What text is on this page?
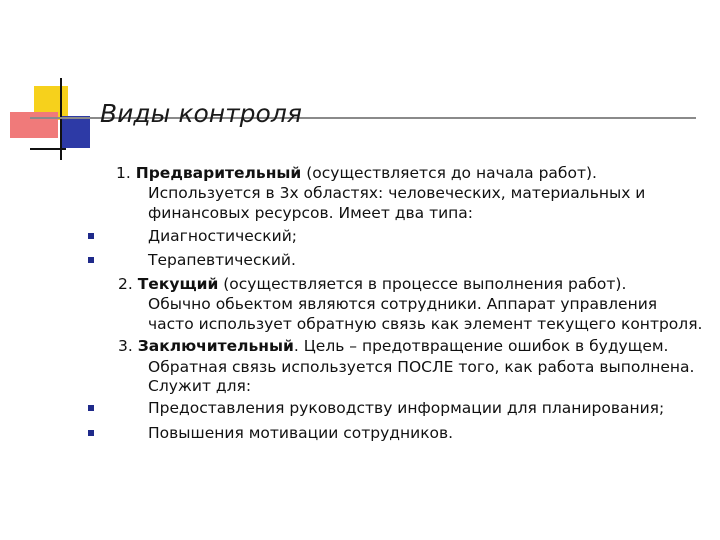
Виды контроля
1. Предварительный (осуществляется до начала работ).
Используется в 3х областях: человеческих, материальных и
финансовых ресурсов. Имеет два типа:
Диагностический;
Терапевтический.
2. Текущий (осуществляется в процессе выполнения работ).
Обычно обьектом являются сотрудники. Аппарат управления
часто использует обратную связь как элемент текущего контроля.
3. Заключительный. Цель – предотвращение ошибок в будущем.
Обратная связь используется ПОСЛЕ того, как работа выполнена.
Служит для:
Предоставления руководству информации для планирования;
Повышения мотивации сотрудников.
